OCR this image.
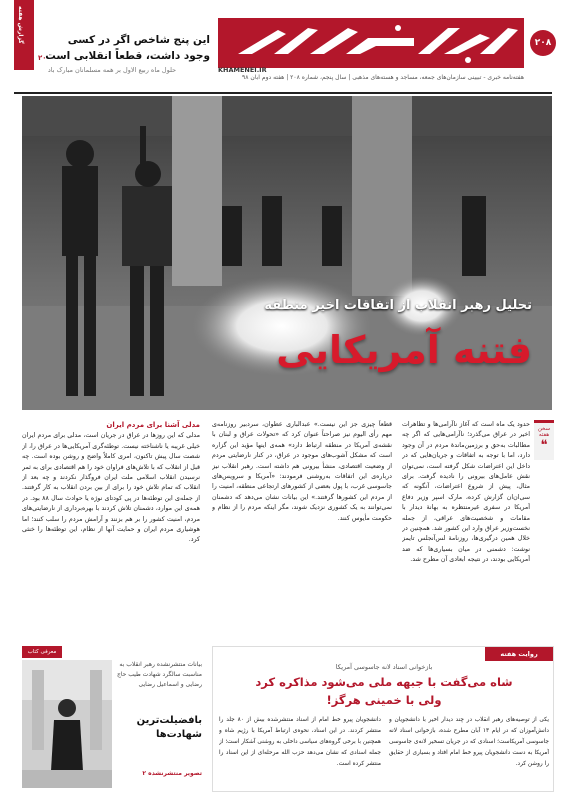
۲۰۸
KHAMENEI.IR
هفته‌نامه خبری - تبیینی سازمان‌های جمعه، مساجد و هسته‌های مذهبی | سال پنجم، شماره ۲۰۸ | هفته دوم آبان ۹۸
گزارش هفته	این پنج شاخص اگر در کسی
وجود داشت، قطعاً انقلابی است
۲۰
حلول ماه ربیع الاول بر همه مسلمانان مبارک باد
تحلیل رهبر انقلاب از اتفاقات اخیر منطقه
فتنه آمریکایی
سخن هفته
❝
حدود یک ماه است که آغاز ناآرامی‌ها و تظاهرات اخیر در عراق می‌گذرد؛ ناآرامی‌هایی که اگر چه مطالبات به‌حق و برزمین‌ماندۀ مردم در آن وجود دارد، اما با توجه به اتفاقات و جریان‌هایی که در داخل این اعتراضات شکل گرفته است، نمی‌توان نقش عامل‌های بیرونی را نادیده گرفت. برای مثال، پیش از شروع اعتراضات، آنگونه که سی‌ان‌ان گزارش کرده، مارک اسپر وزیر دفاع آمریکا در سفری غیرمنتظره به بهانۀ دیدار با مقامات و شخصیت‌های عراقی، از جمله نخست‌وزیر عراق وارد این کشور شد. همچنین در خلال همین درگیری‌ها، روزنامۀ لس‌آنجلس تایمز نوشت: دشمنی در میان بسیاری‌ها که ضد آمریکایی بودند، در نتیجه ابعادی آن مطرح شد.
قطعاً چیزی جز این نیست.» عبدالباری عطوان، سردبیر روزنامه‌ی مهم رأی الیوم نیز صراحتاً عنوان کرد که «تحولات عراق و لبنان با نقشه‌ی آمریکا در منطقه ارتباط دارد» همه‌ی اینها مؤید این گزاره است که مشکل آشوب‌های موجود در عراق، در کنار نارضایتی مردم از وضعیت اقتصادی، منشأ بیرونی هم داشته است. رهبر انقلاب نیز درباره‌ی این اتفاقات به‌روشنی فرمودند: «آمریکا و سرویس‌های جاسوسی غرب، با پول بعضی از کشورهای ارتجاعی منطقه، امنیت را از مردم این کشورها گرفتند.» این بیانات نشان می‌دهد که دشمنان نمی‌توانند به یک کشوری نزدیک شوند، مگر اینکه مردم را از نظام و حکومت مأیوس کنند.
مدلی آشنا برای مردم ایران
مدلی که این روزها در عراق در جریان است، مدلی برای مردم ایران خیلی غریبه یا ناشناخته نیست. توطئه‌گری آمریکایی‌ها در عراق را، از شصت سال پیش تاکنون، امری کاملاً واضح و روشن بوده است. چه قبل از انقلاب که با تلاش‌های فراوان خود را هم اقتصادی برای به ثمر نرسیدن انقلاب اسلامی ملت ایران فروگذار نکردند و چه بعد از انقلاب که تمام تلاش خود را برای از بین بردن انقلاب به کار گرفتند. از جمله‌ی این توطئه‌ها در پی کودتای نوژه یا حوادث سال ۸۸ بود. در همه‌ی این موارد، دشمنان تلاش کردند با بهره‌برداری از نارضایتی‌های مردم، امنیت کشور را بر هم بزنند و آرامش مردم را سلب کنند؛ اما هوشیاری مردم ایران و حمایت آنها از نظام، این توطئه‌ها را خنثی کرد.
معرفی کتاب
بیانات منتشرنشده رهبر انقلاب به مناسبت سالگرد شهادت طیب حاج رضایی و اسماعیل رضایی
بافضیلت‌ترین شهادت‌ها
تصویر منتشرنشده ۲
روایت هفته
بازخوانی اسناد لانه جاسوسی آمریکا
شاه می‌گفت با جبهه ملی می‌شود مذاکره کرد
ولی با خمینی هرگز!
یکی از توصیه‌های رهبر انقلاب در چند دیدار اخیر با دانشجویان و دانش‌آموزان که در ایام ۱۳ آبان مطرح شده، بازخوانی اسناد لانه جاسوسی آمریکاست؛ اسنادی که در جریان تسخیر لانه‌ی جاسوسی آمریکا به دست دانشجویان پیرو خط امام افتاد و بسیاری از حقایق را روشن کرد.
دانشجویان پیرو خط امام از اسناد منتشرشده بیش از ۸۰ جلد را منتشر کردند. در این اسناد، نحوه‌ی ارتباط آمریکا با رژیم شاه و همچنین با برخی گروه‌های سیاسی داخلی به روشنی آشکار است؛ از جمله اسنادی که نشان می‌دهد حزب الله مرحله‌ای از این اسناد را منتشر کرده است.
